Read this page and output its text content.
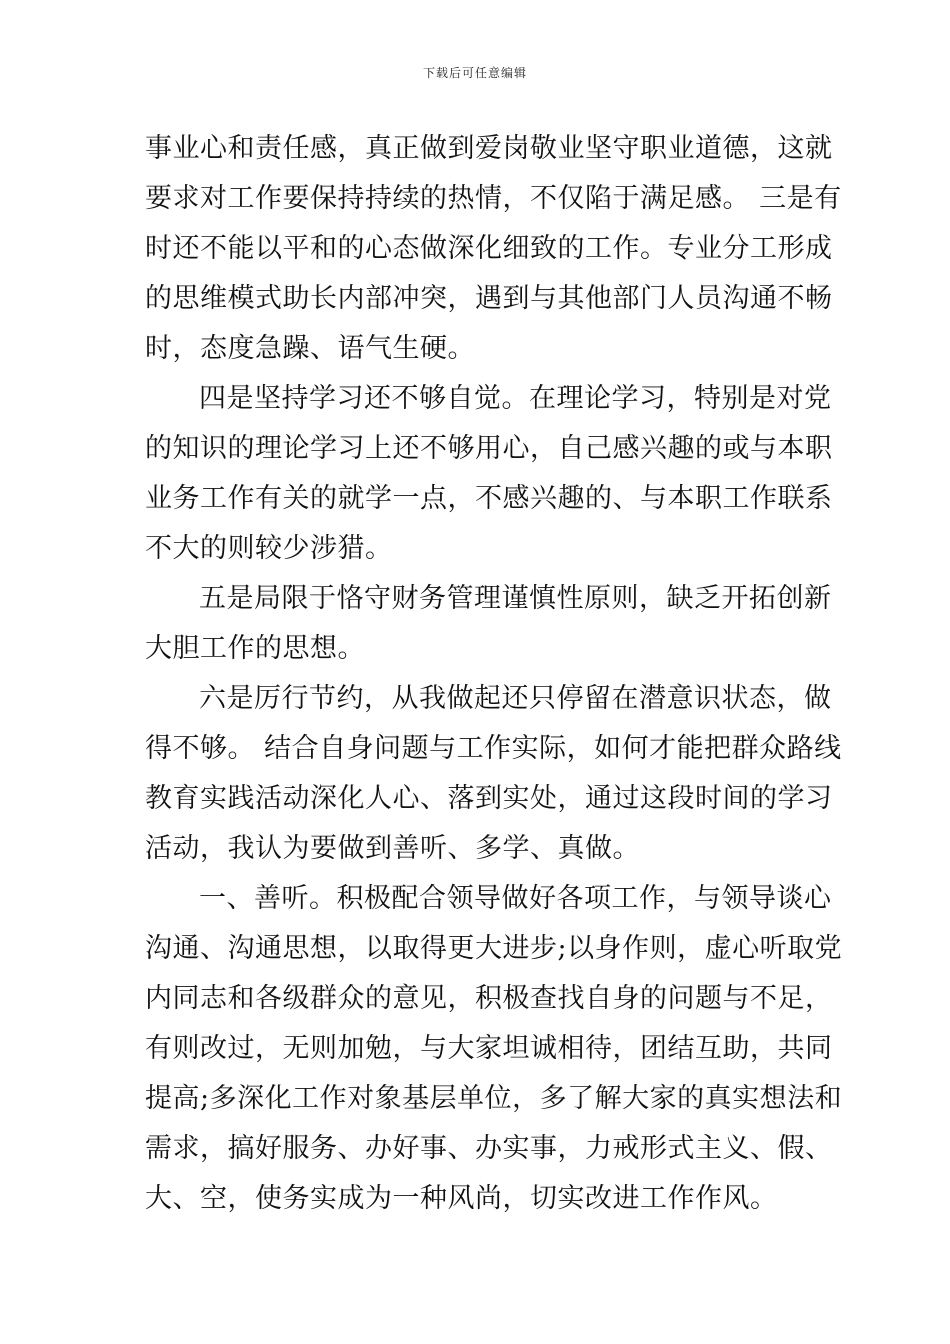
下载后可任意编辑
事业心和责任感，真正做到爱岗敬业坚守职业道德，这就
要求对工作要保持持续的热情，不仅陷于满足感。 三是有
时还不能以平和的心态做深化细致的工作。专业分工形成
的思维模式助长内部冲突，遇到与其他部门人员沟通不畅
时，态度急躁、语气生硬。
四是坚持学习还不够自觉。在理论学习，特别是对党
的知识的理论学习上还不够用心，自己感兴趣的或与本职
业务工作有关的就学一点，不感兴趣的、与本职工作联系
不大的则较少涉猎。
五是局限于恪守财务管理谨慎性原则，缺乏开拓创新
大胆工作的思想。
六是厉行节约，从我做起还只停留在潜意识状态，做
得不够。 结合自身问题与工作实际，如何才能把群众路线
教育实践活动深化人心、落到实处，通过这段时间的学习
活动，我认为要做到善听、多学、真做。
一、善听。积极配合领导做好各项工作，与领导谈心
沟通、沟通思想，以取得更大进步;以身作则，虚心听取党
内同志和各级群众的意见，积极查找自身的问题与不足，
有则改过，无则加勉，与大家坦诚相待，团结互助，共同
提高;多深化工作对象基层单位，多了解大家的真实想法和
需求，搞好服务、办好事、办实事，力戒形式主义、假、
大、空，使务实成为一种风尚，切实改进工作作风。
